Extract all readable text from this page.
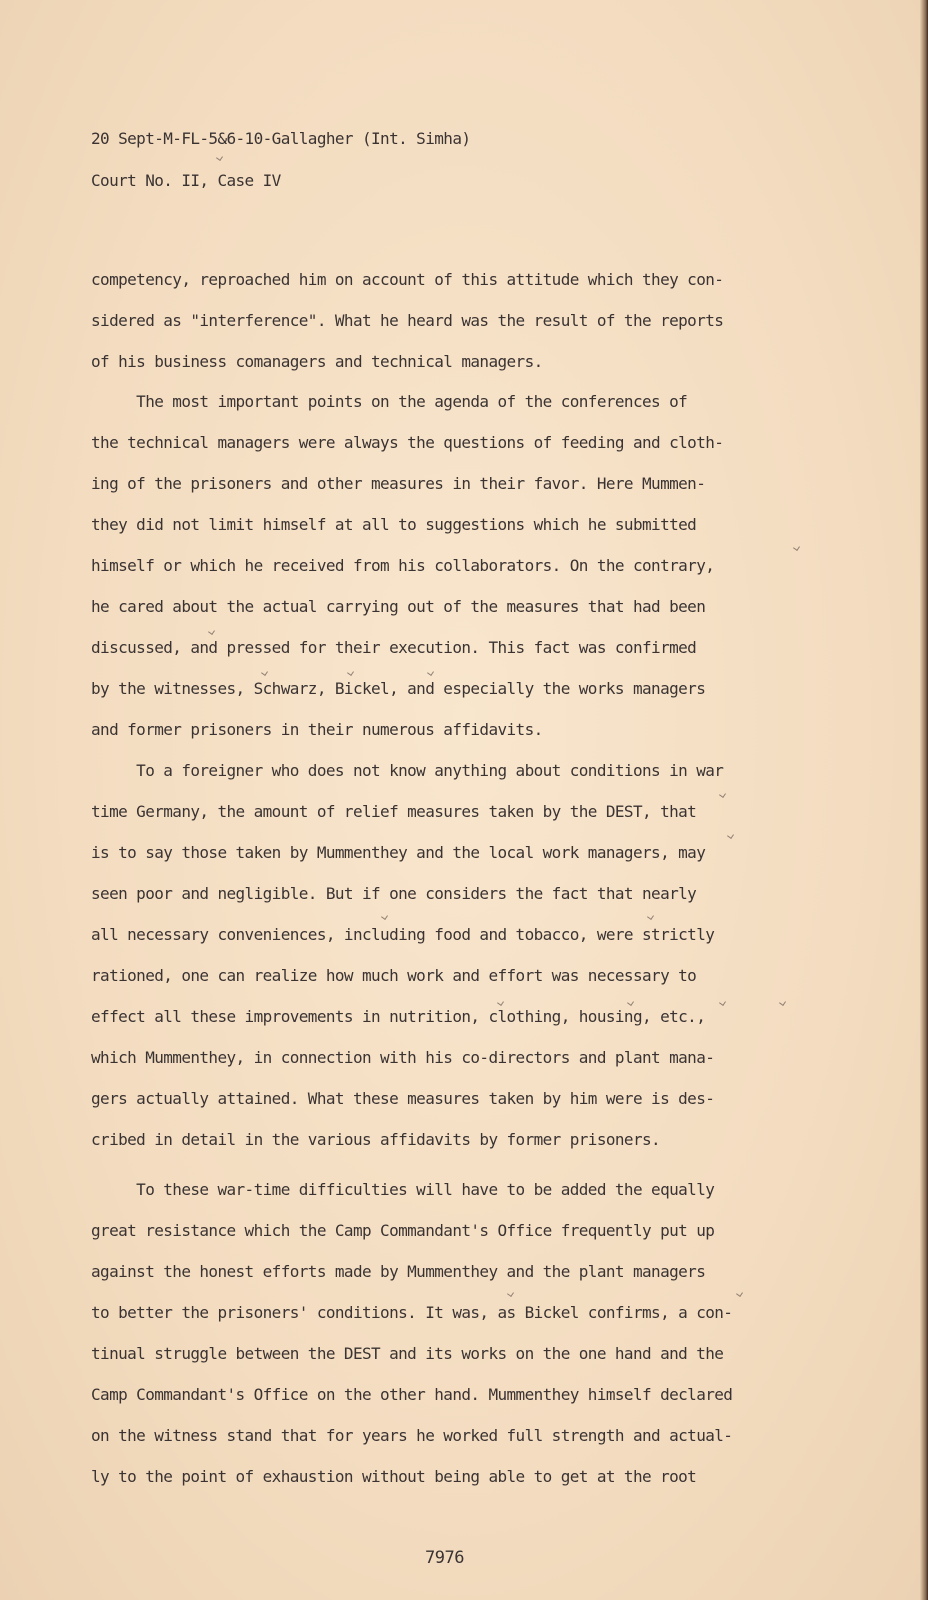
20 Sept-M-FL-5&6-10-Gallagher (Int. Simha)
Court No. II, Case IV
competency, reproached him on account of this attitude which they con-
sidered as "interference". What he heard was the result of the reports
of his business comanagers and technical managers.
The most important points on the agenda of the conferences of
the technical managers were always the questions of feeding and cloth-
ing of the prisoners and other measures in their favor. Here Mummen-
they did not limit himself at all to suggestions which he submitted
himself or which he received from his collaborators. On the contrary,
he cared about the actual carrying out of the measures that had been
discussed, and pressed for their execution. This fact was confirmed
by the witnesses, Schwarz, Bickel, and especially the works managers
and former prisoners in their numerous affidavits.
To a foreigner who does not know anything about conditions in war
time Germany, the amount of relief measures taken by the DEST, that
is to say those taken by Mummenthey and the local work managers, may
seen poor and negligible. But if one considers the fact that nearly
all necessary conveniences, including food and tobacco, were strictly
rationed, one can realize how much work and effort was necessary to
effect all these improvements in nutrition, clothing, housing, etc.,
which Mummenthey, in connection with his co-directors and plant mana-
gers actually attained. What these measures taken by him were is des-
cribed in detail in the various affidavits by former prisoners.
To these war-time difficulties will have to be added the equally
great resistance which the Camp Commandant's Office frequently put up
against the honest efforts made by Mummenthey and the plant managers
to better the prisoners' conditions. It was, as Bickel confirms, a con-
tinual struggle between the DEST and its works on the one hand and the
Camp Commandant's Office on the other hand. Mummenthey himself declared
on the witness stand that for years he worked full strength and actual-
ly to the point of exhaustion without being able to get at the root
7976
